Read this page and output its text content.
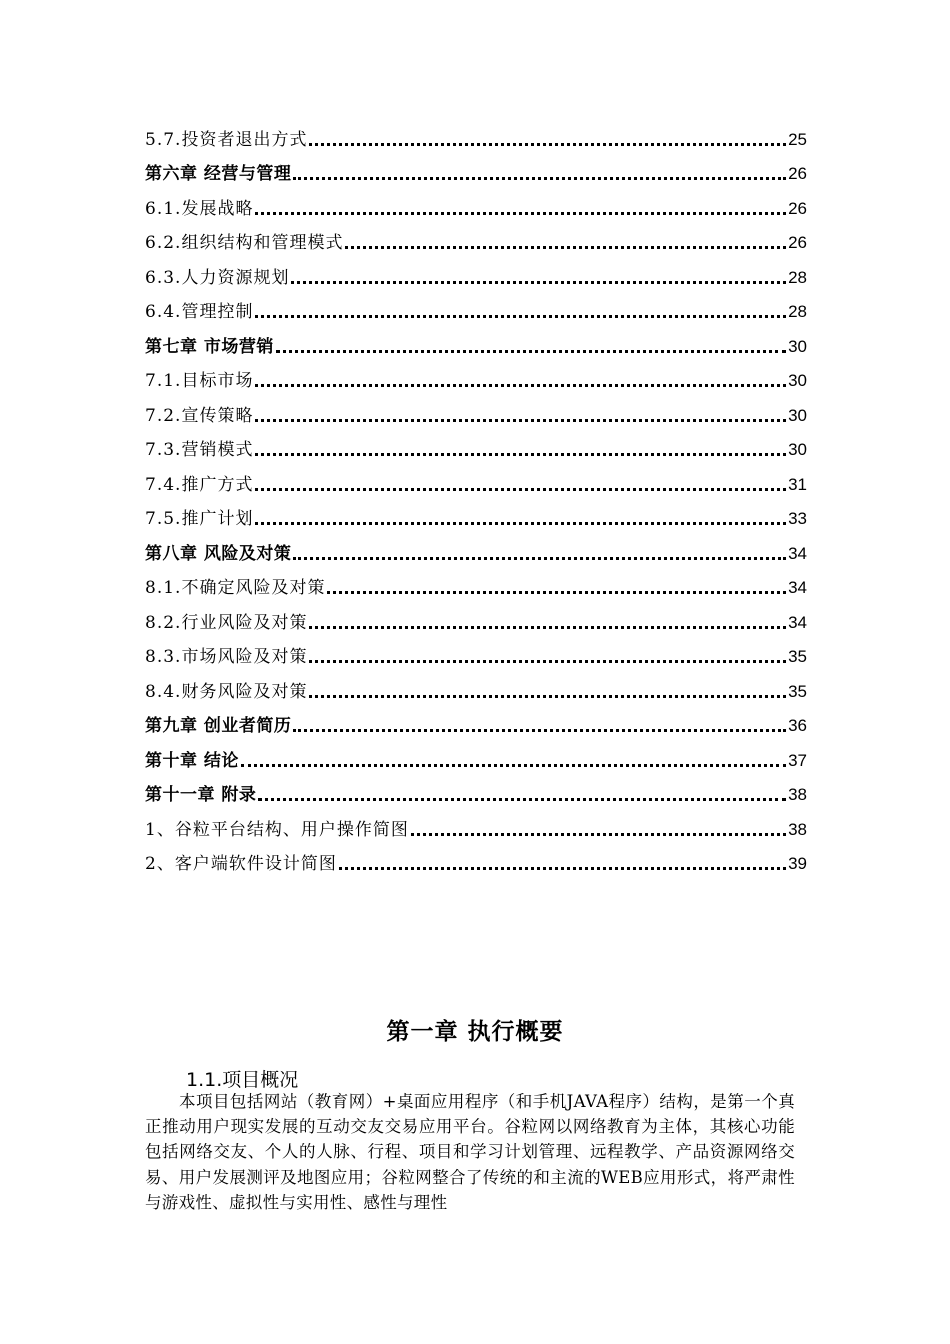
5.7.投资者退出方式	25
第六章 经营与管理	26
6.1.发展战略	26
6.2.组织结构和管理模式	26
6.3.人力资源规划	28
6.4.管理控制	28
第七章 市场营销	30
7.1.目标市场	30
7.2.宣传策略	30
7.3.营销模式	30
7.4.推广方式	31
7.5.推广计划	33
第八章 风险及对策	34
8.1.不确定风险及对策	34
8.2.行业风险及对策	34
8.3.市场风险及对策	35
8.4.财务风险及对策	35
第九章 创业者简历	36
第十章 结论	37
第十一章 附录	38
1、谷粒平台结构、用户操作简图	38
2、客户端软件设计简图	39
第一章 执行概要
1.1.项目概况
本项目包括网站（教育网）+桌面应用程序（和手机JAVA程序）结构，是第一个真正推动用户现实发展的互动交友交易应用平台。谷粒网以网络教育为主体，其核心功能包括网络交友、个人的人脉、行程、项目和学习计划管理、远程教学、产品资源网络交易、用户发展测评及地图应用；谷粒网整合了传统的和主流的WEB应用形式，将严肃性与游戏性、虚拟性与实用性、感性与理性
